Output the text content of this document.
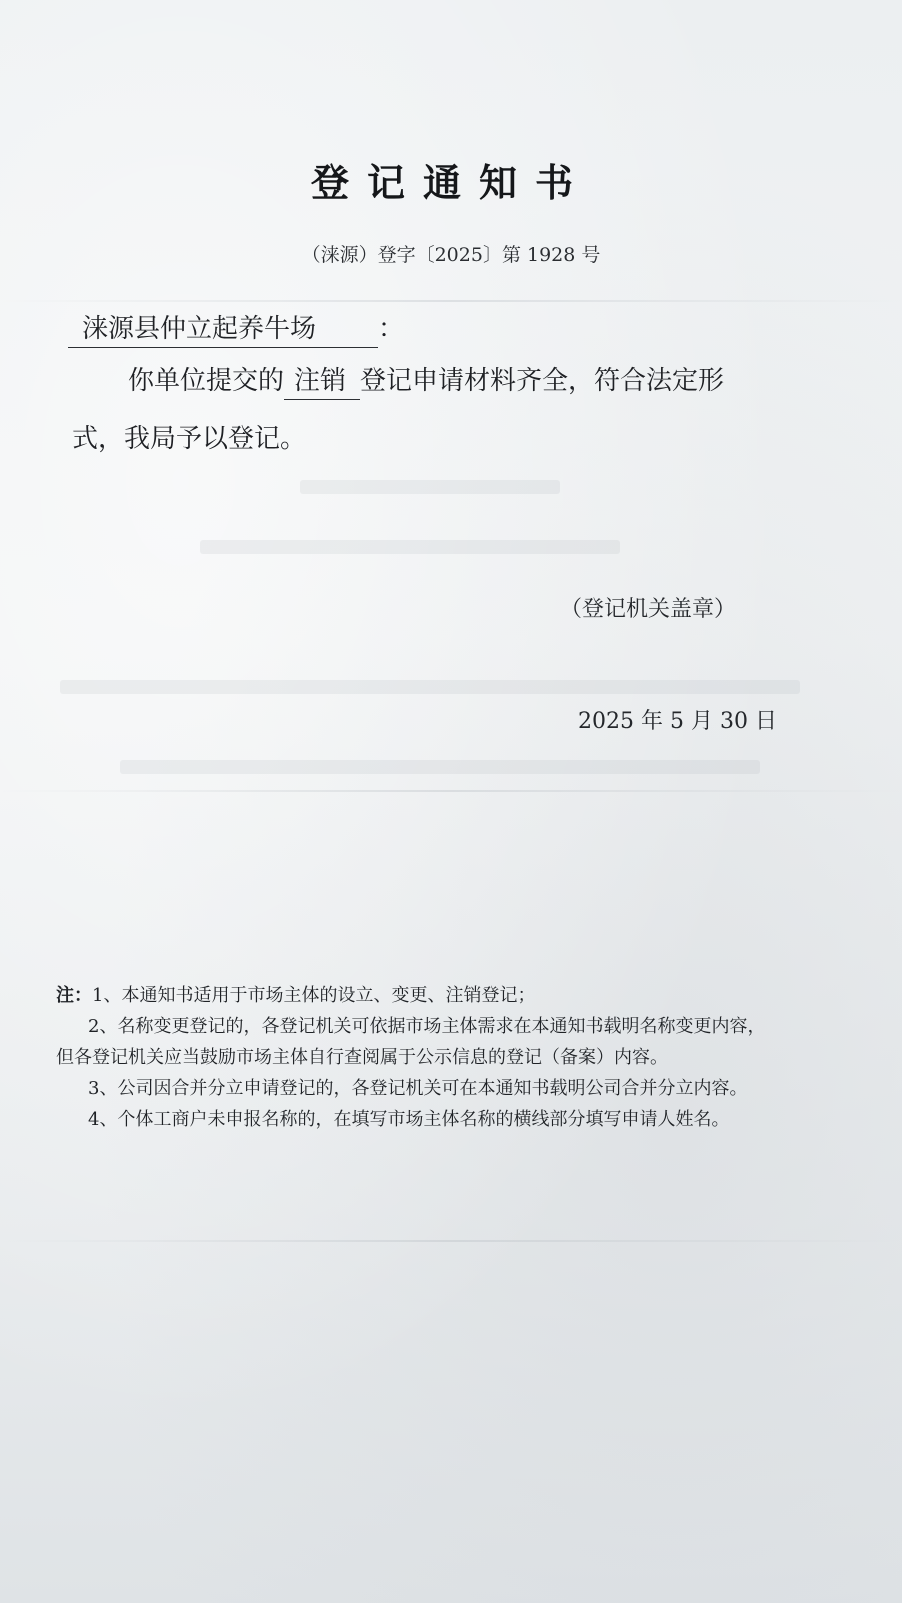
登记通知书
（涞源）登字〔2025〕第 1928 号
涞源县仲立起养牛场 ：
你单位提交的 注销 登记申请材料齐全，符合法定形
式，我局予以登记。
（登记机关盖章）
2025 年 5 月 30 日
注：1、本通知书适用于市场主体的设立、变更、注销登记；
2、名称变更登记的，各登记机关可依据市场主体需求在本通知书载明名称变更内容，
但各登记机关应当鼓励市场主体自行查阅属于公示信息的登记（备案）内容。
3、公司因合并分立申请登记的，各登记机关可在本通知书载明公司合并分立内容。
4、个体工商户未申报名称的，在填写市场主体名称的横线部分填写申请人姓名。
